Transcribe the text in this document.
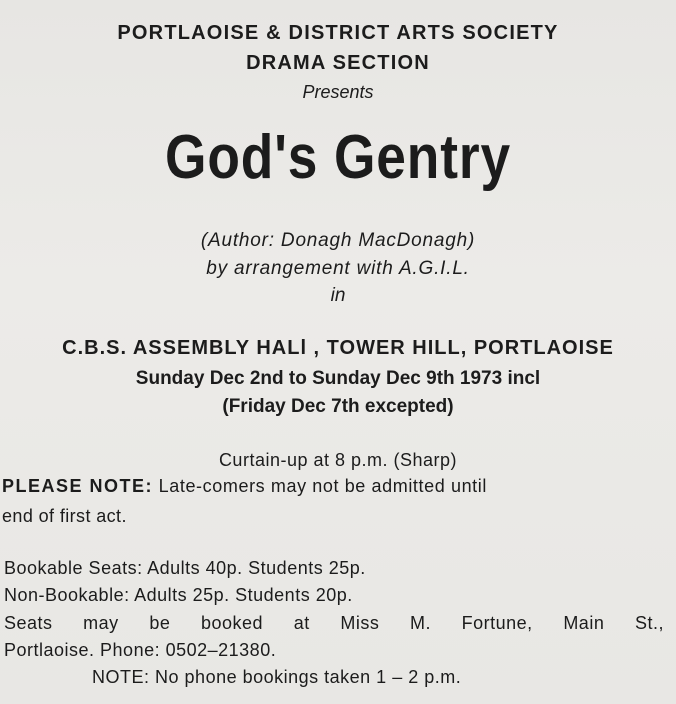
PORTLAOISE & DISTRICT ARTS SOCIETY
DRAMA SECTION
Presents
God's Gentry
(Author: Donagh MacDonagh)
by arrangement with A.G.I.L.
in
C.B.S. ASSEMBLY HALl , TOWER HILL, PORTLAOISE
Sunday Dec 2nd to Sunday Dec 9th 1973 incl
(Friday Dec 7th excepted)
Curtain-up at 8 p.m. (Sharp)
PLEASE NOTE: Late-comers may not be admitted until
end of first act.
Bookable Seats: Adults 40p. Students 25p.
Non-Bookable: Adults 25p. Students 20p.
Seats may be booked at Miss M. Fortune, Main St.,
Portlaoise. Phone: 0502–21380.
NOTE: No phone bookings taken 1 – 2 p.m.
